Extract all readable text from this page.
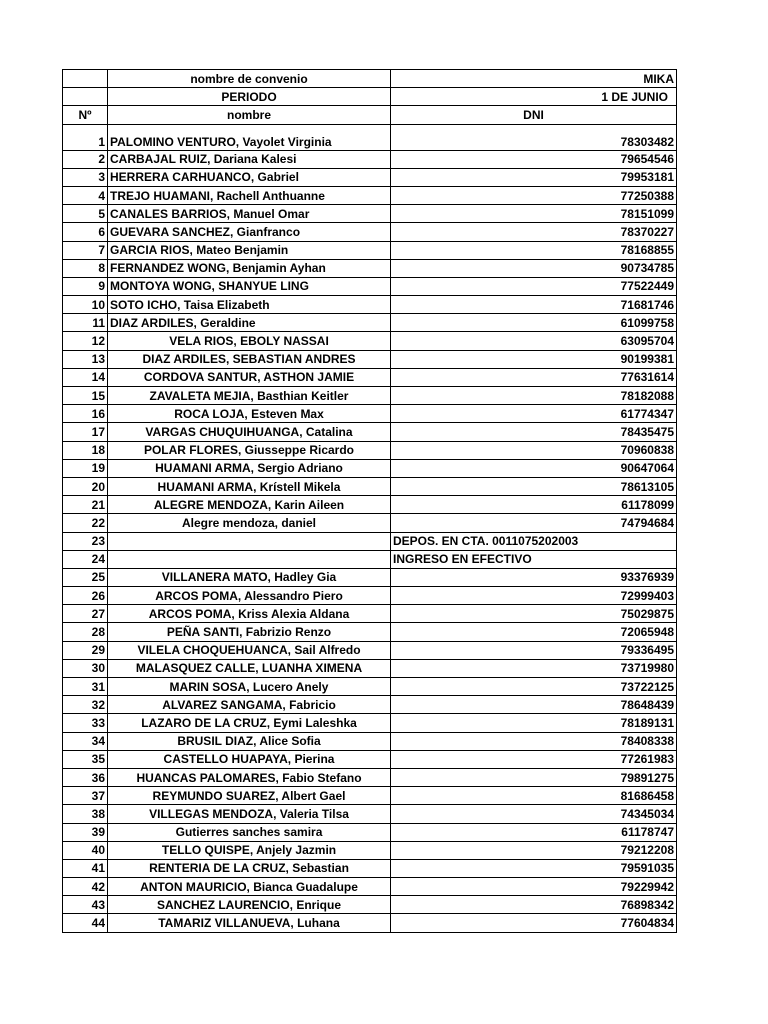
	nombre de convenio	MIKA
	PERIODO	1 DE JUNIO
Nº	nombre	DNI
1	PALOMINO VENTURO, Vayolet Virginia	78303482
2	CARBAJAL RUIZ, Dariana Kalesi	79654546
3	HERRERA CARHUANCO, Gabriel	79953181
4	TREJO HUAMANI, Rachell Anthuanne	77250388
5	CANALES BARRIOS, Manuel Omar	78151099
6	GUEVARA SANCHEZ, Gianfranco	78370227
7	GARCIA RIOS, Mateo Benjamin	78168855
8	FERNANDEZ WONG, Benjamin Ayhan	90734785
9	MONTOYA WONG, SHANYUE LING	77522449
10	SOTO ICHO, Taisa Elizabeth	71681746
11	DIAZ ARDILES, Geraldine	61099758
12	VELA RIOS, EBOLY NASSAI	63095704
13	DIAZ ARDILES, SEBASTIAN ANDRES	90199381
14	CORDOVA SANTUR, ASTHON JAMIE	77631614
15	ZAVALETA MEJIA, Basthian Keitler	78182088
16	ROCA LOJA, Esteven Max	61774347
17	VARGAS CHUQUIHUANGA, Catalina	78435475
18	POLAR FLORES, Giusseppe Ricardo	70960838
19	HUAMANI ARMA, Sergio Adriano	90647064
20	HUAMANI ARMA, Krístell Mikela	78613105
21	ALEGRE MENDOZA, Karin Aileen	61178099
22	Alegre mendoza, daniel	74794684
23		DEPOS. EN CTA. 0011075202003
24		INGRESO EN EFECTIVO
25	VILLANERA MATO, Hadley Gia	93376939
26	ARCOS POMA, Alessandro Piero	72999403
27	ARCOS POMA, Kriss Alexia Aldana	75029875
28	PEÑA SANTI, Fabrizio Renzo	72065948
29	VILELA CHOQUEHUANCA, Sail Alfredo	79336495
30	MALASQUEZ CALLE, LUANHA XIMENA	73719980
31	MARIN SOSA, Lucero Anely	73722125
32	ALVAREZ SANGAMA, Fabricio	78648439
33	LAZARO DE LA CRUZ, Eymi Laleshka	78189131
34	BRUSIL DIAZ, Alice Sofia	78408338
35	CASTELLO HUAPAYA, Pierina	77261983
36	HUANCAS PALOMARES, Fabio Stefano	79891275
37	REYMUNDO SUAREZ, Albert Gael	81686458
38	VILLEGAS MENDOZA, Valeria Tilsa	74345034
39	Gutierres sanches samira	61178747
40	TELLO QUISPE, Anjely Jazmin	79212208
41	RENTERIA DE LA CRUZ, Sebastian	79591035
42	ANTON MAURICIO, Bianca Guadalupe	79229942
43	SANCHEZ LAURENCIO, Enrique	76898342
44	TAMARIZ VILLANUEVA, Luhana	77604834
